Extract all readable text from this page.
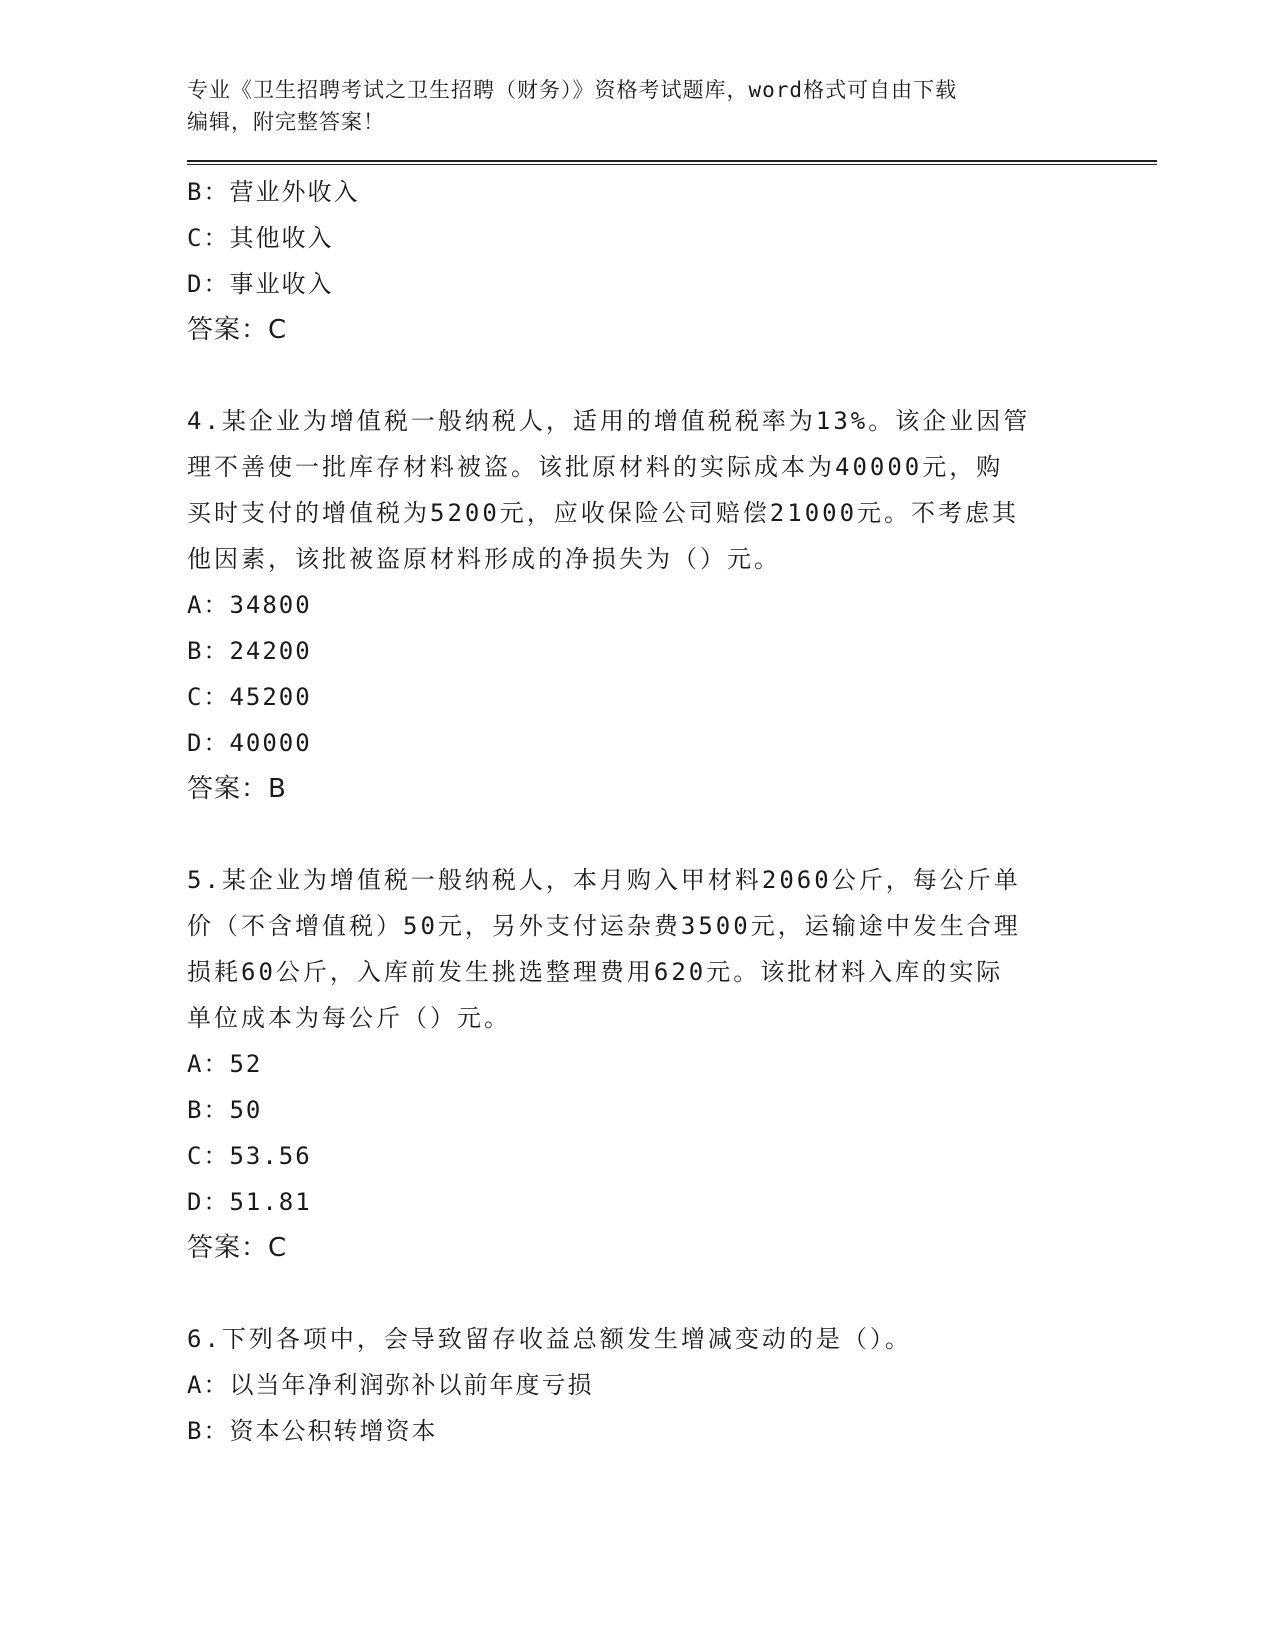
专业《卫生招聘考试之卫生招聘（财务）》资格考试题库，word格式可自由下载
编辑，附完整答案！
B：营业外收入
C：其他收入
D：事业收入
答案：C
4.某企业为增值税一般纳税人，适用的增值税税率为13%。该企业因管
理不善使一批库存材料被盗。该批原材料的实际成本为40000元，购
买时支付的增值税为5200元，应收保险公司赔偿21000元。不考虑其
他因素，该批被盗原材料形成的净损失为（）元。
A：34800
B：24200
C：45200
D：40000
答案：B
5.某企业为增值税一般纳税人，本月购入甲材料2060公斤，每公斤单
价（不含增值税）50元，另外支付运杂费3500元，运输途中发生合理
损耗60公斤，入库前发生挑选整理费用620元。该批材料入库的实际
单位成本为每公斤（）元。
A：52
B：50
C：53.56
D：51.81
答案：C
6.下列各项中，会导致留存收益总额发生增减变动的是（）。
A：以当年净利润弥补以前年度亏损
B：资本公积转增资本
